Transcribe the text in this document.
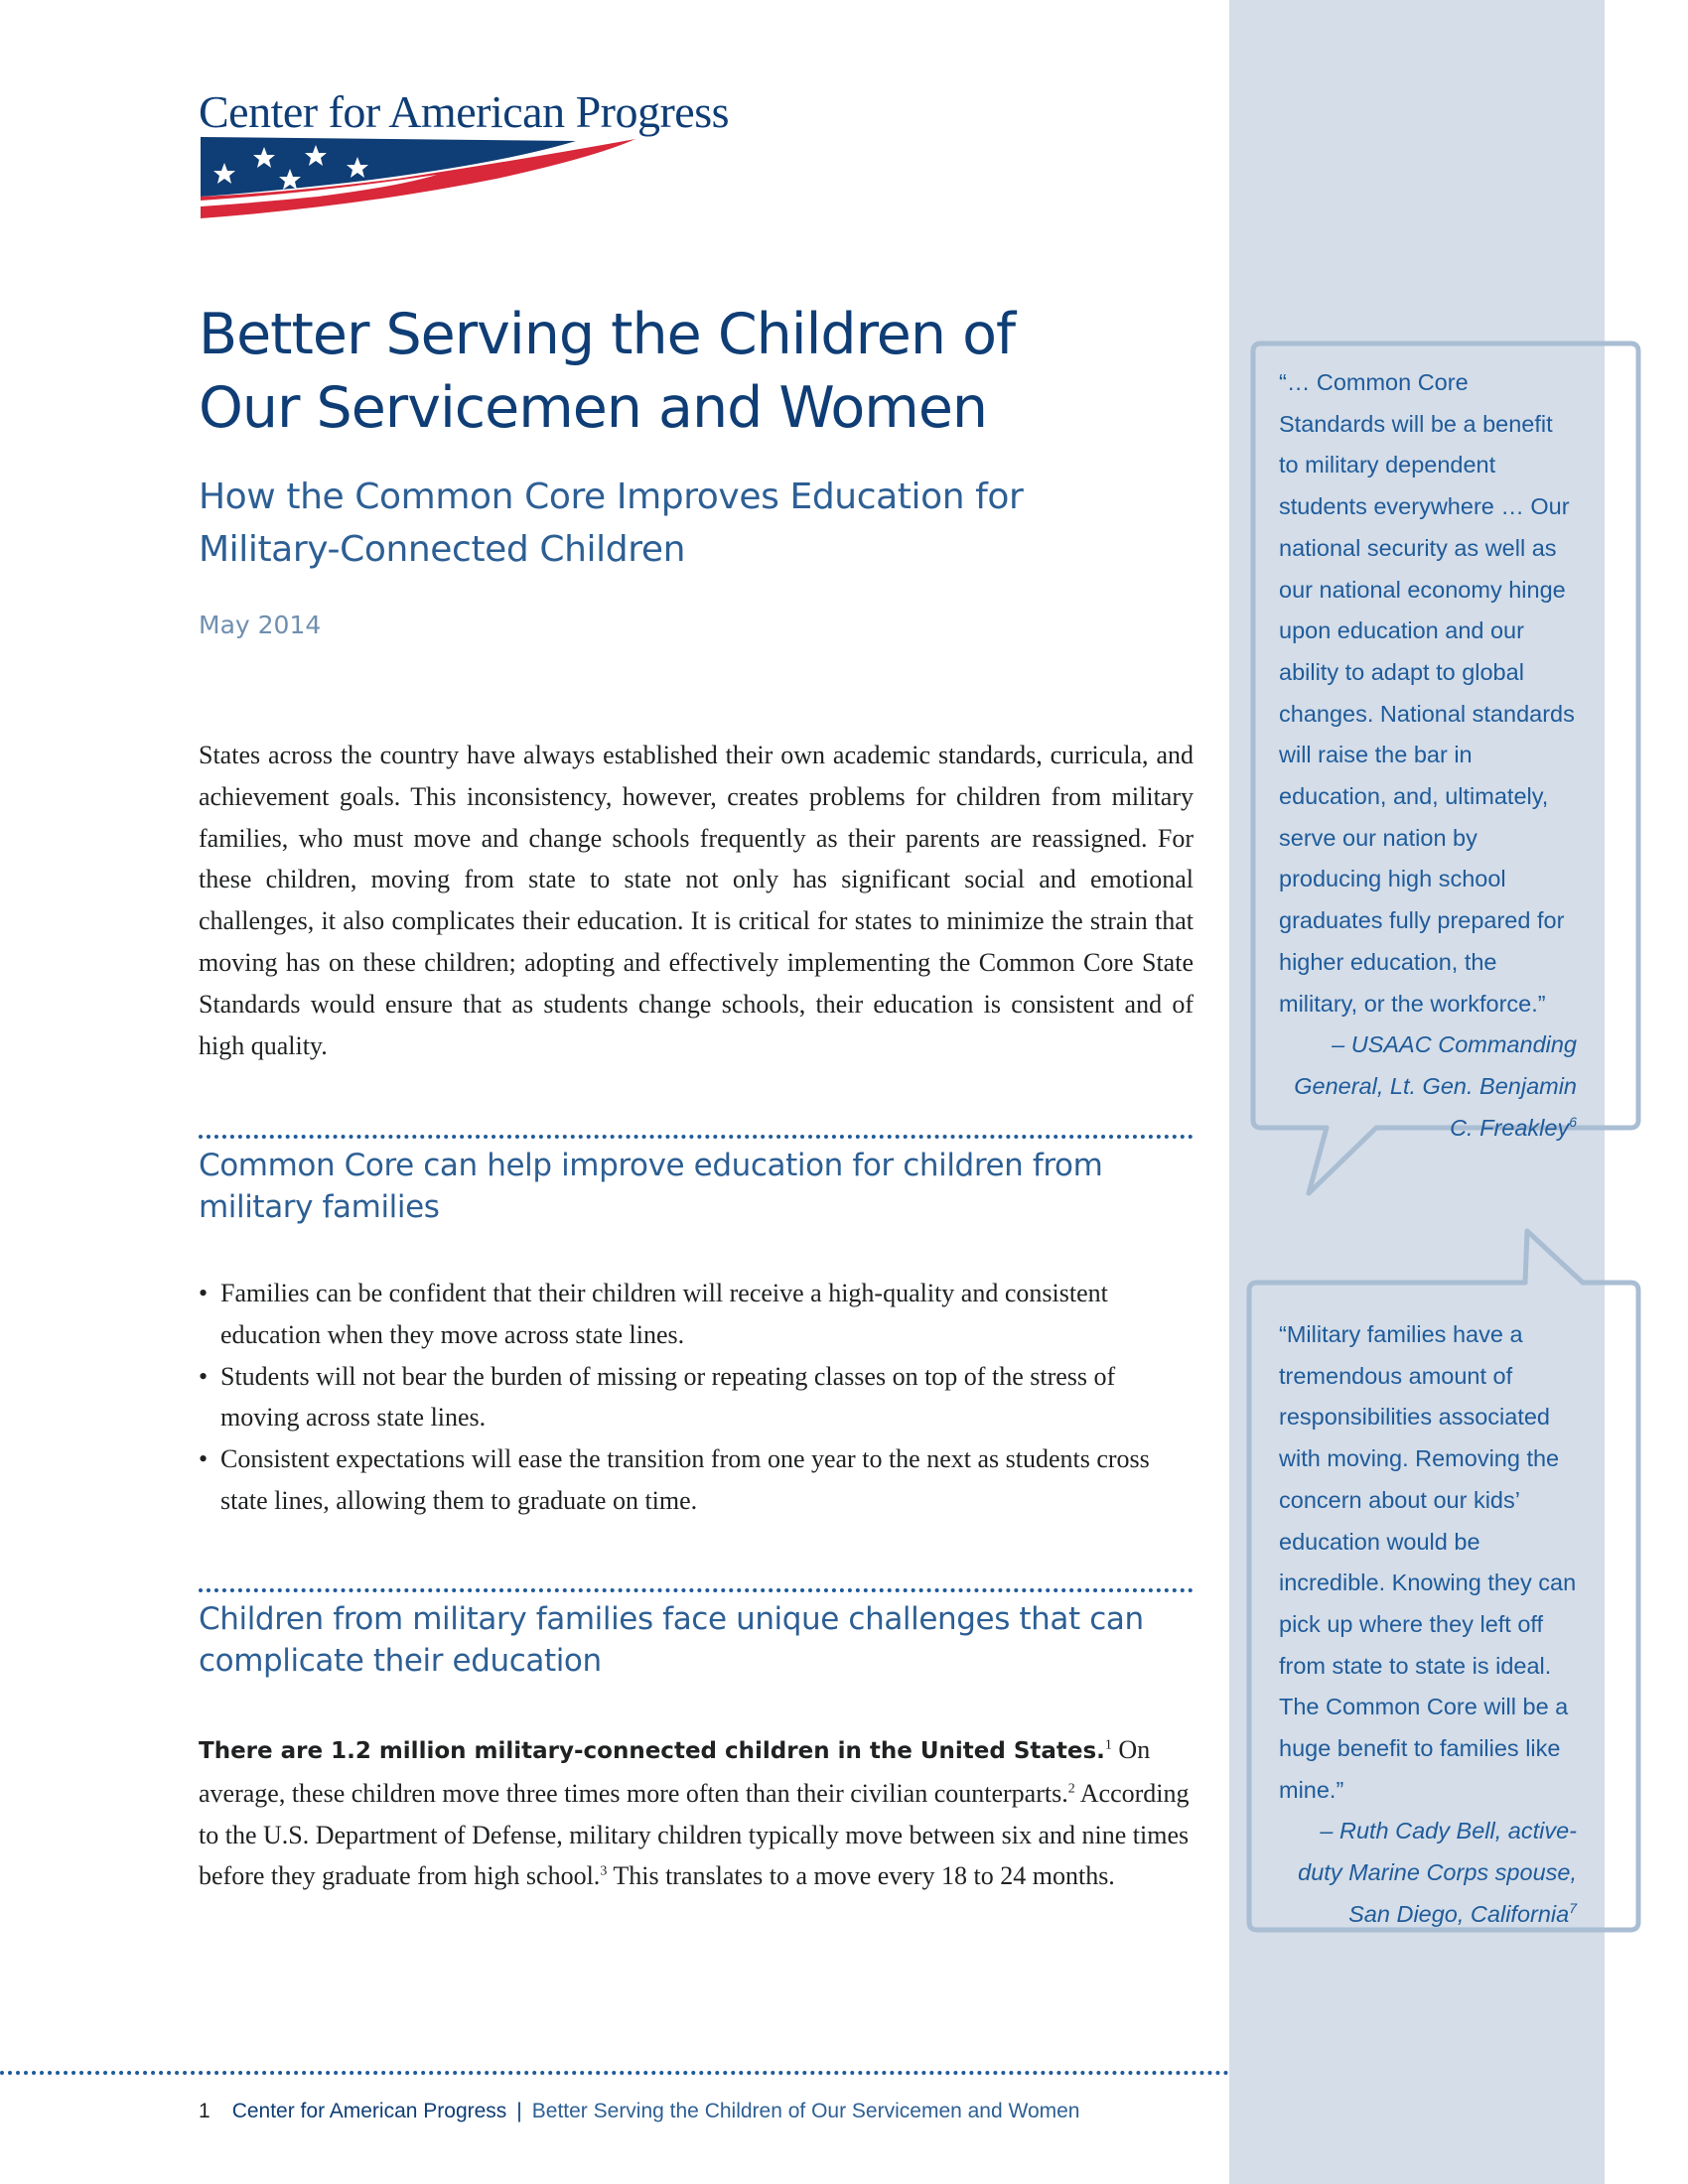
Center for American Progress
Better Serving the Children of Our Servicemen and Women
How the Common Core Improves Education for Military-Connected Children
May 2014

States across the country have always established their own academic standards, curricula, and achievement goals. This inconsistency, however, creates problems for children from military families, who must move and change schools frequently as their parents are reassigned. For these children, moving from state to state not only has significant social and emotional challenges, it also complicates their education. It is critical for states to minimize the strain that moving has on these children; adopting and effectively implementing the Common Core State Standards would ensure that as students change schools, their education is consistent and of high quality.

Common Core can help improve education for children from military families
• Families can be confident that their children will receive a high-quality and consistent education when they move across state lines.
• Students will not bear the burden of missing or repeating classes on top of the stress of moving across state lines.
• Consistent expectations will ease the transition from one year to the next as students cross state lines, allowing them to graduate on time.
Children from military families face unique challenges that can complicate their education

There are 1.2 million military-connected children in the United States.$^1$ On average, these children move three times more often than their civilian counterparts.$^2$ According to the U.S. Department of Defense, military children typically move between six and nine times before they graduate from high school.$^3$ This translates to a move every 18 to 24 months.

“… Common Core Standards will be a benefit to military dependent students everywhere … Our national security as well as our national economy hinge upon education and our ability to adapt to global changes. National standards will raise the bar in education, and, ultimately, serve our nation by producing high school graduates fully prepared for higher education, the military, or the workforce.”

– USAAC Commanding General, Lt. Gen. Benjamin C. Freakley$^6$

“Military families have a tremendous amount of responsibilities associated with moving. Removing the concern about our kids’ education would be incredible. Knowing they can pick up where they left off from state to state is ideal. The Common Core will be a huge benefit to families like mine.”

– Ruth Cady Bell, active-duty Marine Corps spouse, San Diego, California$^7$

1 Center for American Progress | Better Serving the Children of Our Servicemen and Women
